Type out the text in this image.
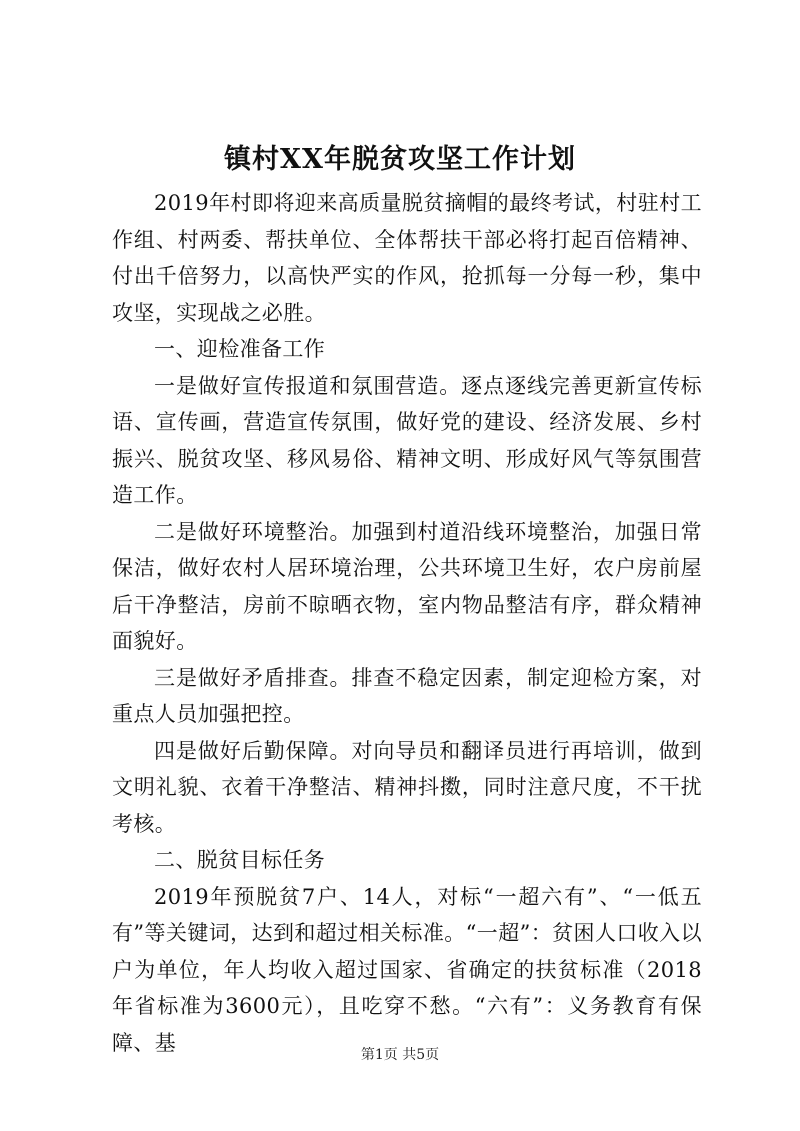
镇村XX年脱贫攻坚工作计划

2019年村即将迎来高质量脱贫摘帽的最终考试，村驻村工作组、村两委、帮扶单位、全体帮扶干部必将打起百倍精神、付出千倍努力，以高快严实的作风，抢抓每一分每一秒，集中攻坚，实现战之必胜。

一、迎检准备工作

一是做好宣传报道和氛围营造。逐点逐线完善更新宣传标语、宣传画，营造宣传氛围，做好党的建设、经济发展、乡村振兴、脱贫攻坚、移风易俗、精神文明、形成好风气等氛围营造工作。

二是做好环境整治。加强到村道沿线环境整治，加强日常保洁，做好农村人居环境治理，公共环境卫生好，农户房前屋后干净整洁，房前不晾晒衣物，室内物品整洁有序，群众精神面貌好。

三是做好矛盾排查。排查不稳定因素，制定迎检方案，对重点人员加强把控。

四是做好后勤保障。对向导员和翻译员进行再培训，做到文明礼貌、衣着干净整洁、精神抖擞，同时注意尺度，不干扰考核。

二、脱贫目标任务

2019年预脱贫7户、14人，对标“一超六有”、“一低五有”等关键词，达到和超过相关标准。“一超”：贫困人口收入以户为单位，年人均收入超过国家、省确定的扶贫标准（2018年省标准为3600元），且吃穿不愁。“六有”：义务教育有保障、基

第1页 共5页
